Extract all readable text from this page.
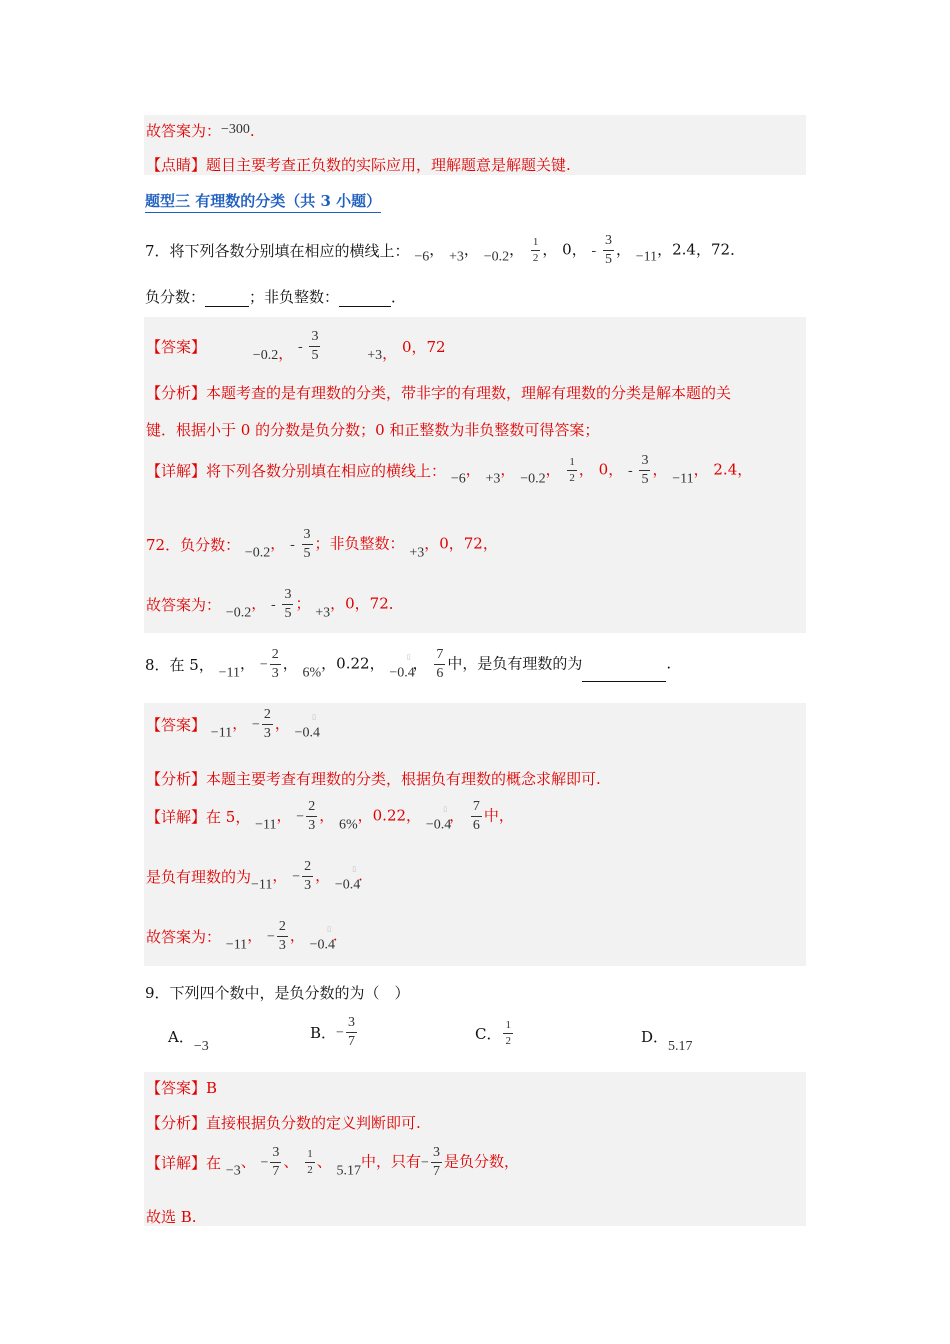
故答案为：−300.
【点睛】题目主要考查正负数的实际应用，理解题意是解题关键.
题型三 有理数的分类（共 3 小题）
7．将下列各数分别填在相应的横线上： −6， +3， −0.2， $\frac{1}{2}$ ， 0， - $\frac{3}{5}$ ， −11，2.4，72．
负分数：	；非负整数：	．
【答案】	−0.2， - $\frac{3}{5}$	+3， 0，72
【分析】本题考查的是有理数的分类，带非字的有理数，理解有理数的分类是解本题的关
键．根据小于 0 的分数是负分数；0 和正整数为非负整数可得答案；
【详解】将下列各数分别填在相应的横线上： −6， +3， −0.2， $\frac{1}{2}$ ， 0， - $\frac{3}{5}$ ， −11， 2.4，
72．负分数： −0.2， - $\frac{3}{5}$ ；非负整数： +3，0，72，
故答案为： −0.2， - $\frac{3}{5}$ ； +3，0，72．
8．在 5， −11， − $\frac{2}{3}$ ， 6%，0.22， −0.4▯ ， $\frac{7}{6}$ 中，是负有理数的为	.
【答案】 −11， − $\frac{2}{3}$ ， −0.4▯
【分析】本题主要考查有理数的分类，根据负有理数的概念求解即可.
【详解】在 5， −11， − $\frac{2}{3}$ ， 6%，0.22， −0.4▯ ， $\frac{7}{6}$ 中，
是负有理数的为−11， − $\frac{2}{3}$ ， −0.4▯ .
故答案为： −11， − $\frac{2}{3}$ ， −0.4▯ .
9．下列四个数中，是负分数的为（　）
A．−3
B．− $\frac{3}{7}$	C． $\frac{1}{2}$	D．5.17
【答案】B
【分析】直接根据负分数的定义判断即可.
【详解】在 −3、 − $\frac{3}{7}$ 、 $\frac{1}{2}$ 、 5.17中，只有− $\frac{3}{7}$ 是负分数，
故选 B.
